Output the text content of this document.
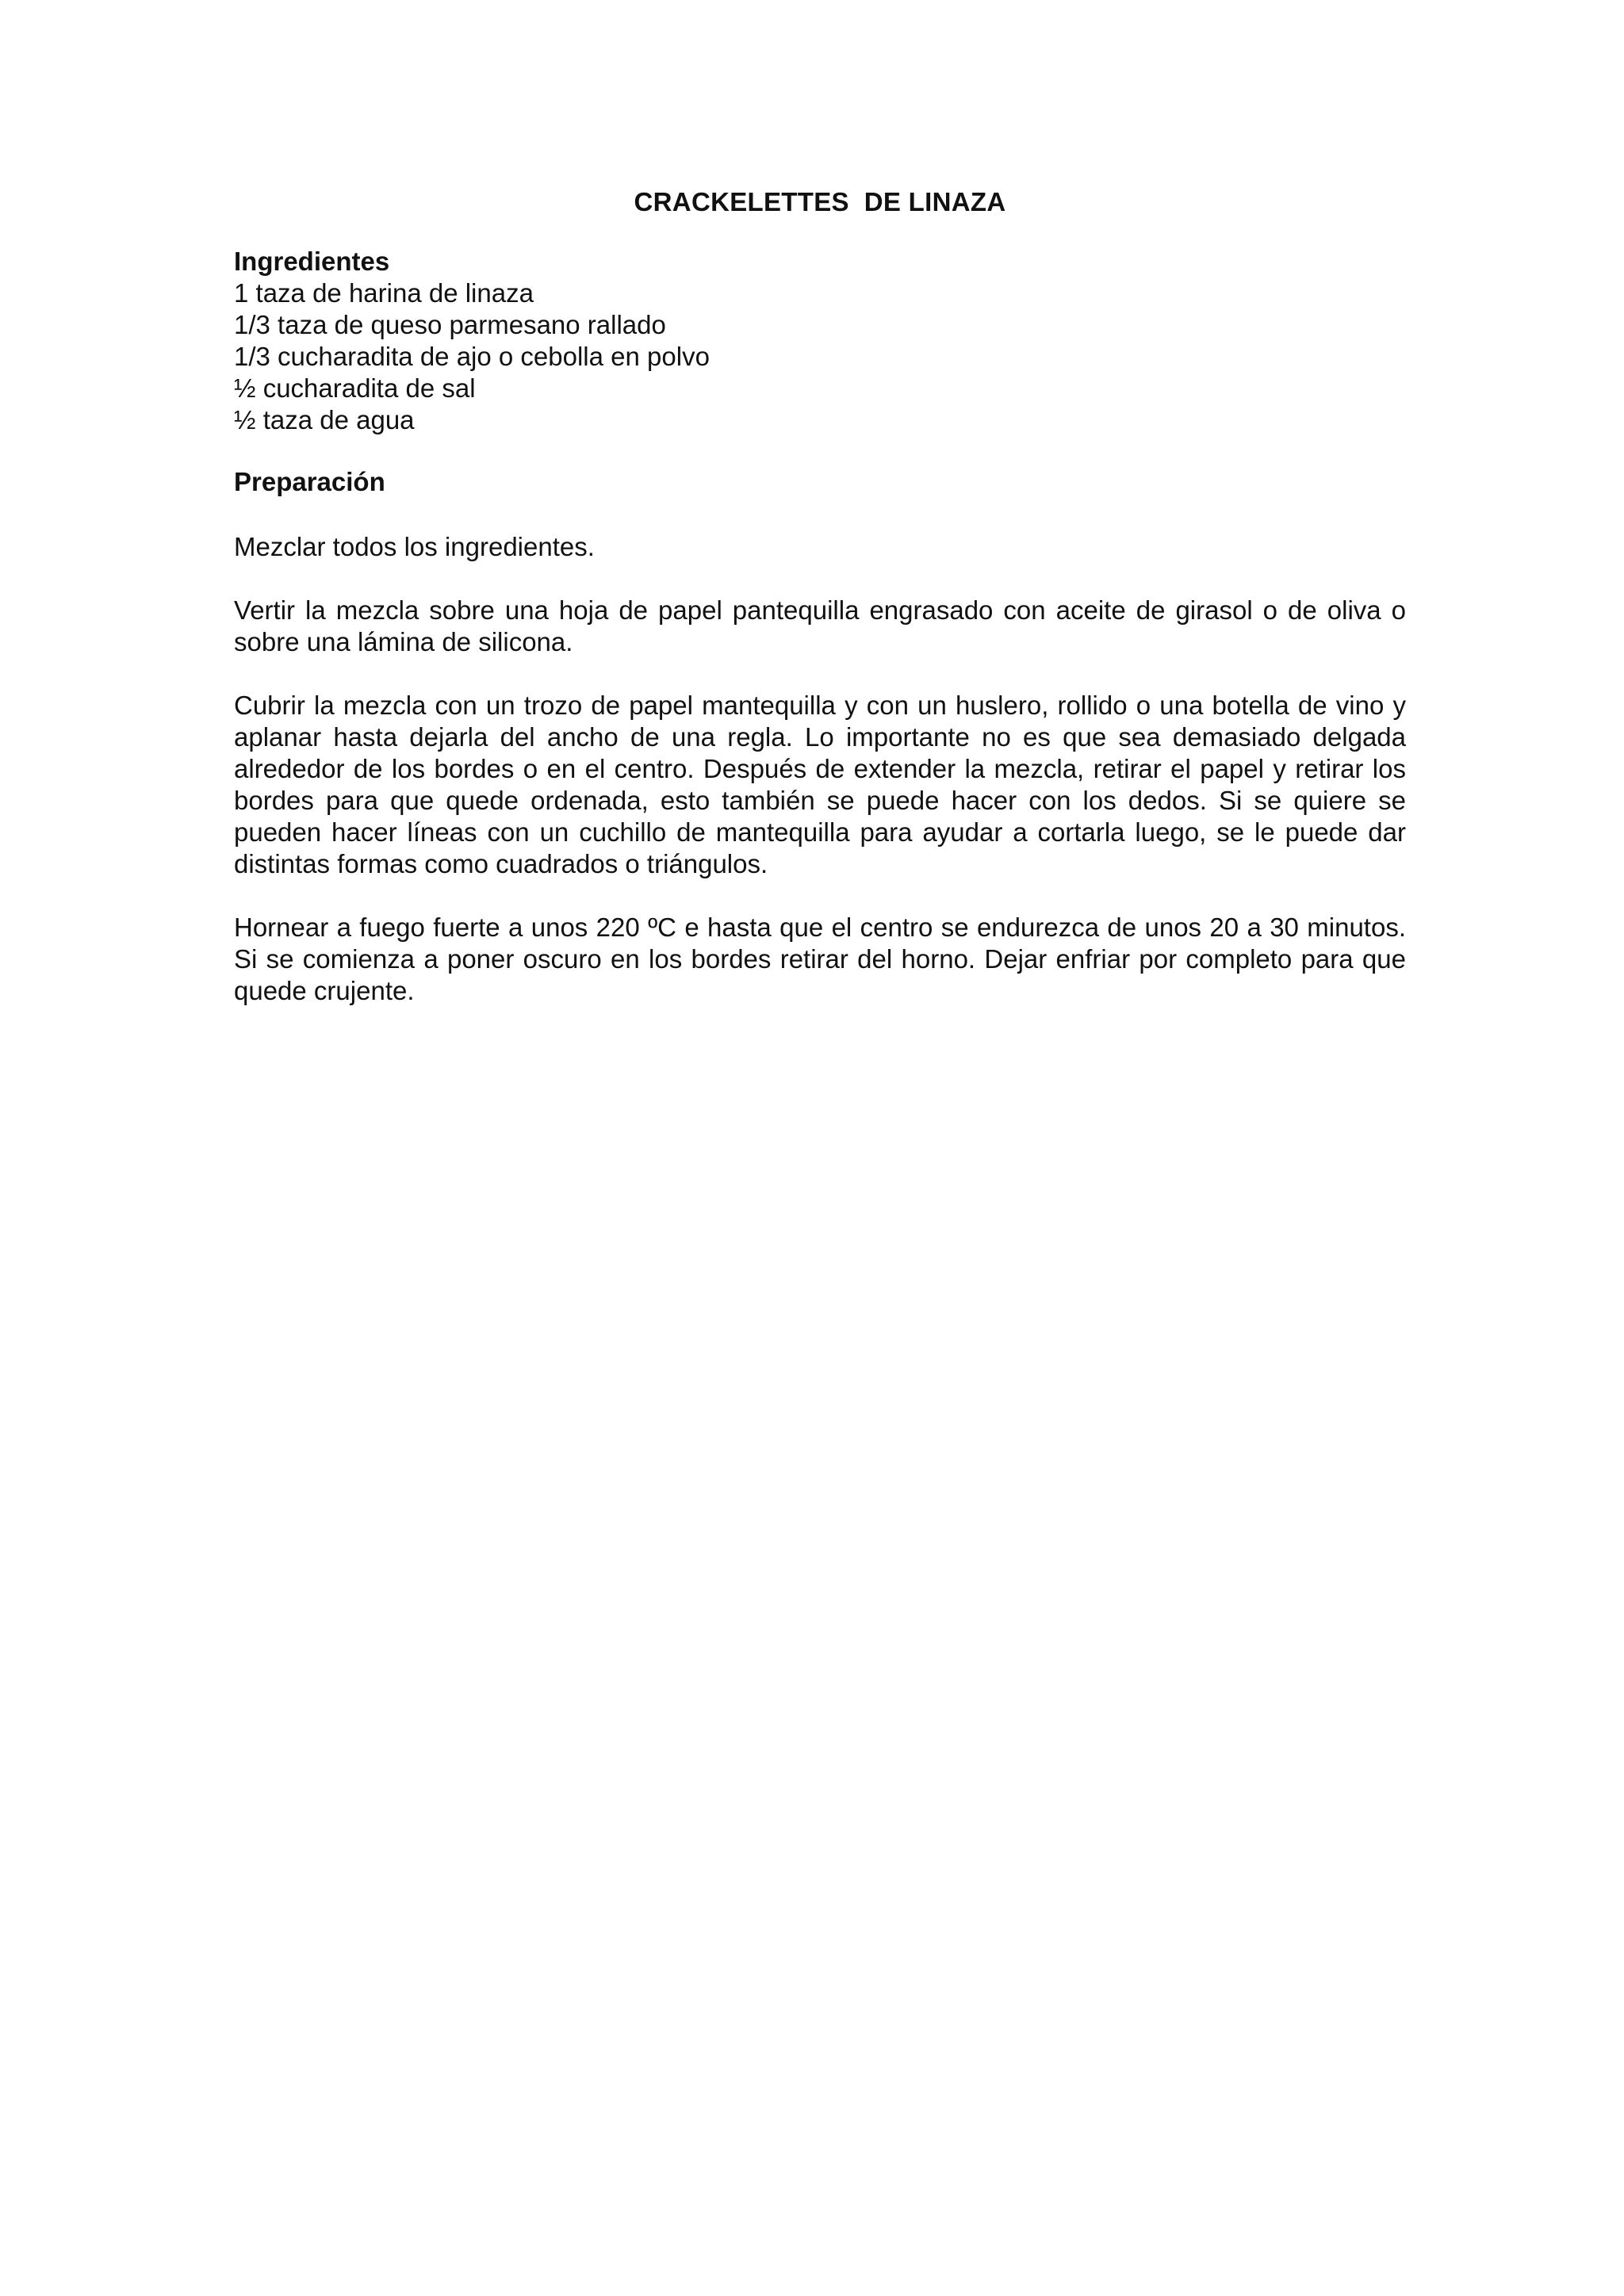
CRACKELETTES  DE LINAZA
Ingredientes
1 taza de harina de linaza
1/3 taza de queso parmesano rallado
1/3 cucharadita de ajo o cebolla en polvo
½ cucharadita de sal
½ taza de agua
Preparación

Mezclar todos los ingredientes.

Vertir la mezcla sobre una hoja de papel pantequilla engrasado con aceite de girasol o de oliva o sobre una lámina de silicona.

Cubrir la mezcla con un trozo de papel mantequilla y con un huslero, rollido o una botella de vino y aplanar hasta dejarla del ancho de una regla. Lo importante no es que sea demasiado delgada alrededor de los bordes o en el centro. Después de extender la mezcla, retirar el papel y retirar los bordes para que quede ordenada, esto también se puede hacer con los dedos. Si se quiere se pueden hacer líneas con un cuchillo de mantequilla para ayudar a cortarla luego, se le puede dar distintas formas como cuadrados o triángulos.

Hornear a fuego fuerte a unos 220 ºC e hasta que el centro se endurezca de unos 20 a 30 minutos. Si se comienza a poner oscuro en los bordes retirar del horno. Dejar enfriar por completo para que quede crujente.
